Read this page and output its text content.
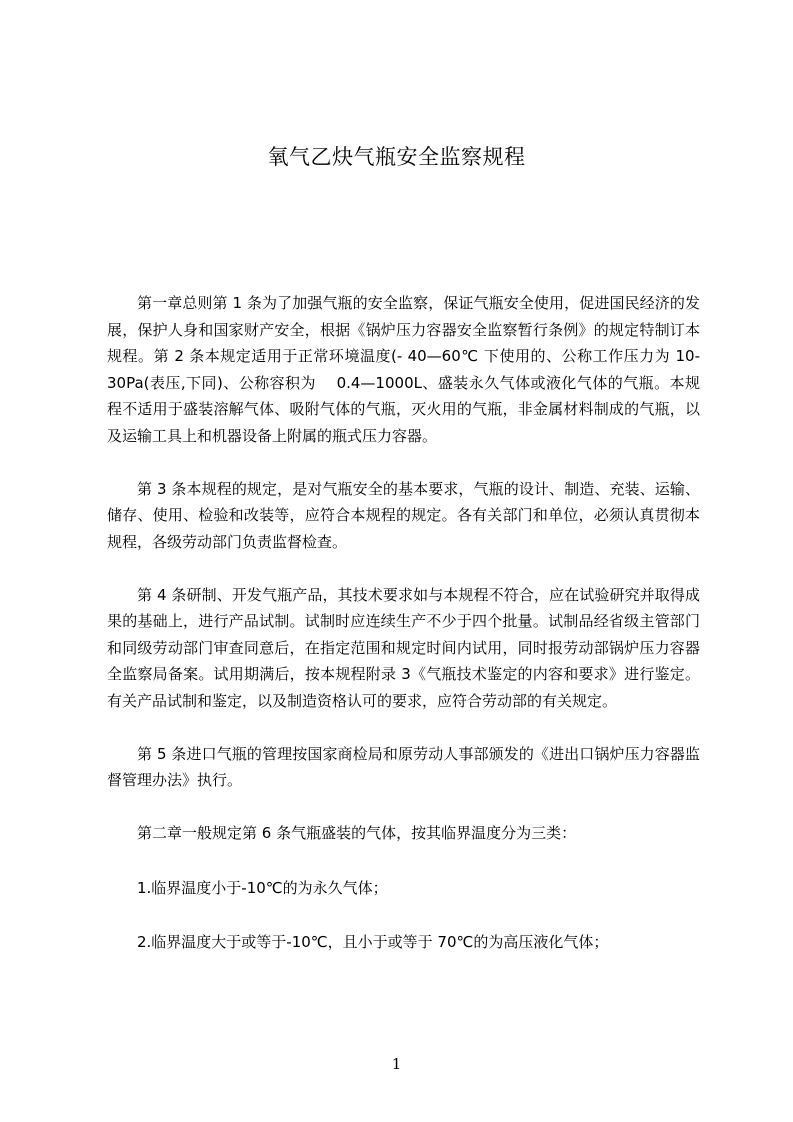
氧气乙炔气瓶安全监察规程

第一章总则第 1 条为了加强气瓶的安全监察，保证气瓶安全使用，促进国民经济的发展，保护人身和国家财产安全，根据《锅炉压力容器安全监察暂行条例》的规定特制订本规程。第 2 条本规定适用于正常环境温度(- 40—60℃ 下使用的、公称工作压力为 10-30Pa(表压,下同)、公称容积为　 0.4—1000L、盛装永久气体或液化气体的气瓶。本规程不适用于盛装溶解气体、吸附气体的气瓶，灭火用的气瓶，非金属材料制成的气瓶，以及运输工具上和机器设备上附属的瓶式压力容器。

第 3 条本规程的规定，是对气瓶安全的基本要求，气瓶的设计、制造、充装、运输、储存、使用、检验和改装等，应符合本规程的规定。各有关部门和单位，必须认真贯彻本规程，各级劳动部门负责监督检查。

第 4 条研制、开发气瓶产品，其技术要求如与本规程不符合，应在试验研究并取得成果的基础上，进行产品试制。试制时应连续生产不少于四个批量。试制品经省级主管部门和同级劳动部门审查同意后，在指定范围和规定时间内试用，同时报劳动部锅炉压力容器全监察局备案。试用期满后，按本规程附录 3《气瓶技术鉴定的内容和要求》进行鉴定。有关产品试制和鉴定，以及制造资格认可的要求，应符合劳动部的有关规定。

第 5 条进口气瓶的管理按国家商检局和原劳动人事部颁发的《进出口锅炉压力容器监督管理办法》执行。

第二章一般规定第 6 条气瓶盛装的气体，按其临界温度分为三类：

1.临界温度小于-10℃的为永久气体；

2.临界温度大于或等于-10℃，且小于或等于 70℃的为高压液化气体；

1
